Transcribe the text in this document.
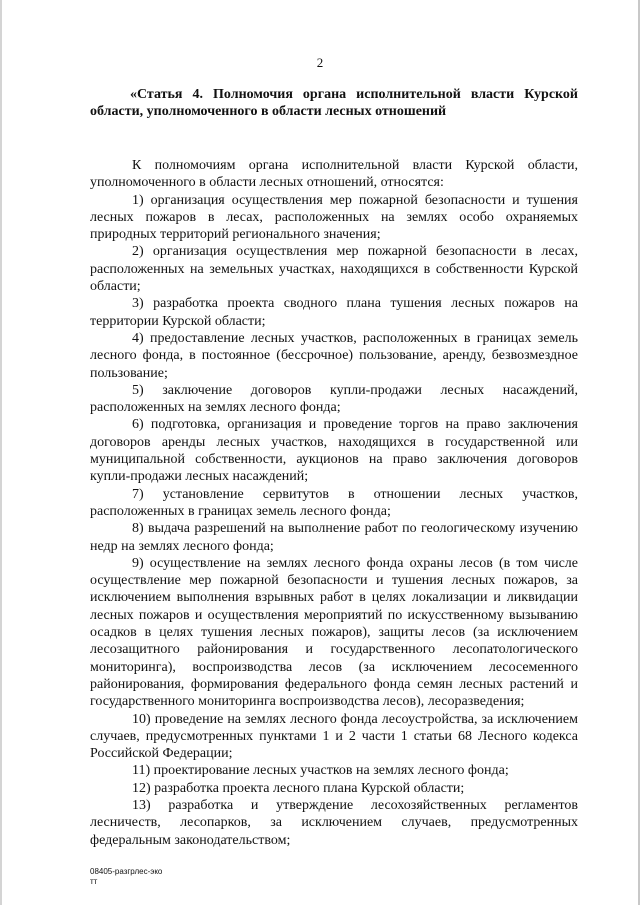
2

«Статья 4. Полномочия органа исполнительной власти Курской области, уполномоченного в области лесных отношений

К полномочиям органа исполнительной власти Курской области, уполномоченного в области лесных отношений, относятся:

1) организация осуществления мер пожарной безопасности и тушения лесных пожаров в лесах, расположенных на землях особо охраняемых природных территорий регионального значения;

2) организация осуществления мер пожарной безопасности в лесах, расположенных на земельных участках, находящихся в собственности Курской области;

3) разработка проекта сводного плана тушения лесных пожаров на территории Курской области;

4) предоставление лесных участков, расположенных в границах земель лесного фонда, в постоянное (бессрочное) пользование, аренду, безвозмездное пользование;

5) заключение договоров купли-продажи лесных насаждений, расположенных на землях лесного фонда;

6) подготовка, организация и проведение торгов на право заключения договоров аренды лесных участков, находящихся в государственной или муниципальной собственности, аукционов на право заключения договоров купли-продажи лесных насаждений;

7) установление сервитутов в отношении лесных участков, расположенных в границах земель лесного фонда;

8) выдача разрешений на выполнение работ по геологическому изучению недр на землях лесного фонда;

9) осуществление на землях лесного фонда охраны лесов (в том числе осуществление мер пожарной безопасности и тушения лесных пожаров, за исключением выполнения взрывных работ в целях локализации и ликвидации лесных пожаров и осуществления мероприятий по искусственному вызыванию осадков в целях тушения лесных пожаров), защиты лесов (за исключением лесозащитного районирования и государственного лесопатологического мониторинга), воспроизводства лесов (за исключением лесосеменного районирования, формирования федерального фонда семян лесных растений и государственного мониторинга воспроизводства лесов), лесоразведения;

10) проведение на землях лесного фонда лесоустройства, за исключением случаев, предусмотренных пунктами 1 и 2 части 1 статьи 68 Лесного кодекса Российской Федерации;

11) проектирование лесных участков на землях лесного фонда;

12) разработка проекта лесного плана Курской области;

13) разработка и утверждение лесохозяйственных регламентов лесничеств, лесопарков, за исключением случаев, предусмотренных федеральным законодательством;

08405-разгрлес-эко
тт
